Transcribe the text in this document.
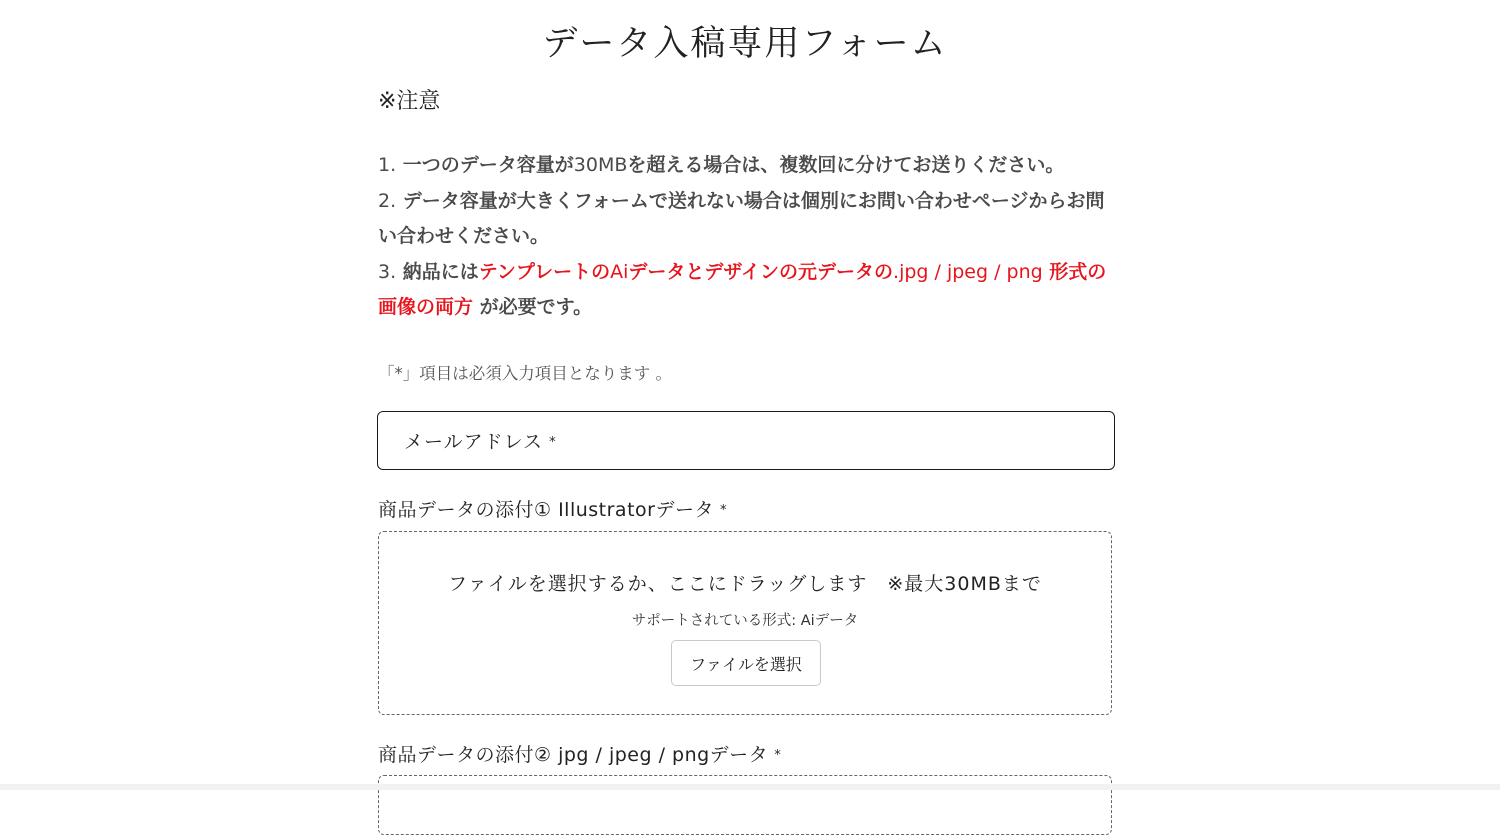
データ入稿専用フォーム
※注意
1. 一つのデータ容量が30MBを超える場合は、複数回に分けてお送りください。
2. データ容量が大きくフォームで送れない場合は個別にお問い合わせページからお問い合わせください。
3. 納品にはテンプレートのAiデータとデザインの元データの.jpg / jpeg / png 形式の画像の両方 が必要です。
「*」項目は必須入力項目となります 。
メールアドレス *
商品データの添付① Illustratorデータ *
ファイルを選択するか、ここにドラッグします　※最大30MBまで
サポートされている形式: Aiデータ
ファイルを選択
商品データの添付② jpg / jpeg / pngデータ *
